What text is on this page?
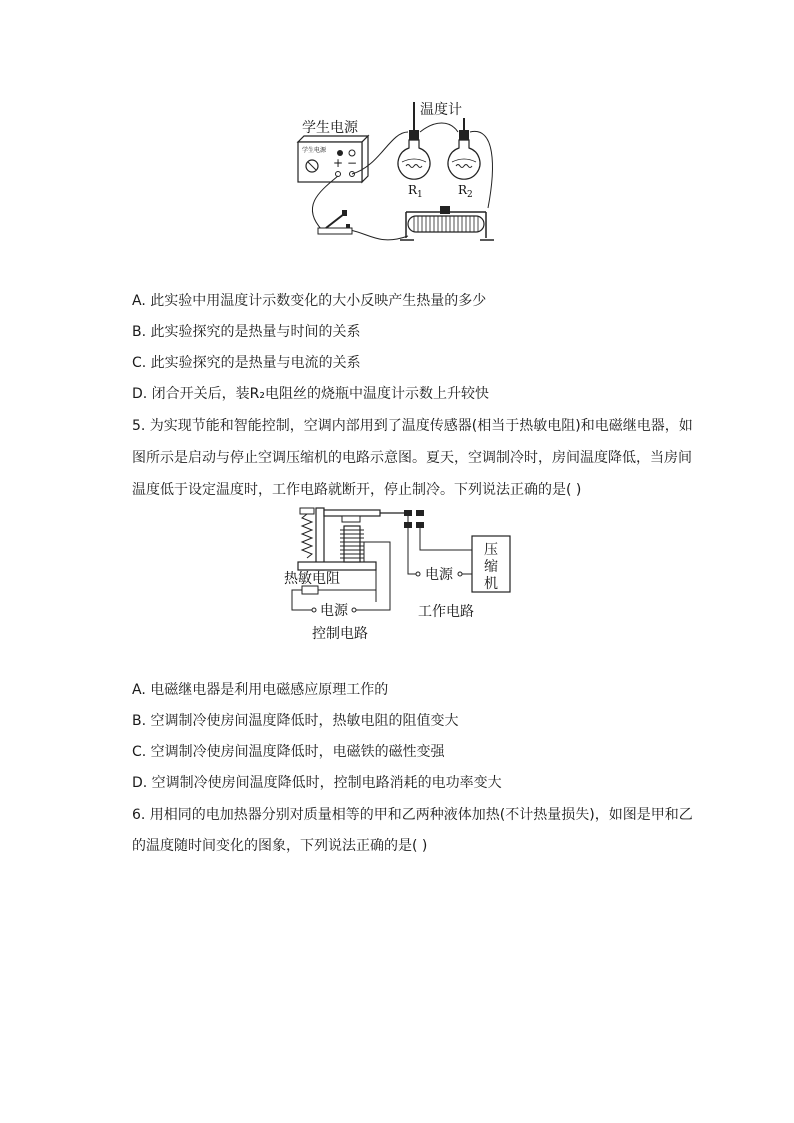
学生电源
+ −
学生电源
$R_1$	$R_2$
温度计
A. 此实验中用温度计示数变化的大小反映产生热量的多少
B. 此实验探究的是热量与时间的关系
C. 此实验探究的是热量与电流的关系
D. 闭合开关后，装R₂电阻丝的烧瓶中温度计示数上升较快
5. 为实现节能和智能控制，空调内部用到了温度传感器(相当于热敏电阻)和电磁继电器，如
图所示是启动与停止空调压缩机的电路示意图。夏天，空调制冷时，房间温度降低，当房间
温度低于设定温度时，工作电路就断开，停止制冷。下列说法正确的是( )
电源
压
缩
机
工作电路
电源
热敏电阻
控制电路
A. 电磁继电器是利用电磁感应原理工作的
B. 空调制冷使房间温度降低时，热敏电阻的阻值变大
C. 空调制冷使房间温度降低时，电磁铁的磁性变强
D. 空调制冷使房间温度降低时，控制电路消耗的电功率变大
6. 用相同的电加热器分别对质量相等的甲和乙两种液体加热(不计热量损失)，如图是甲和乙
的温度随时间变化的图象，下列说法正确的是( )
